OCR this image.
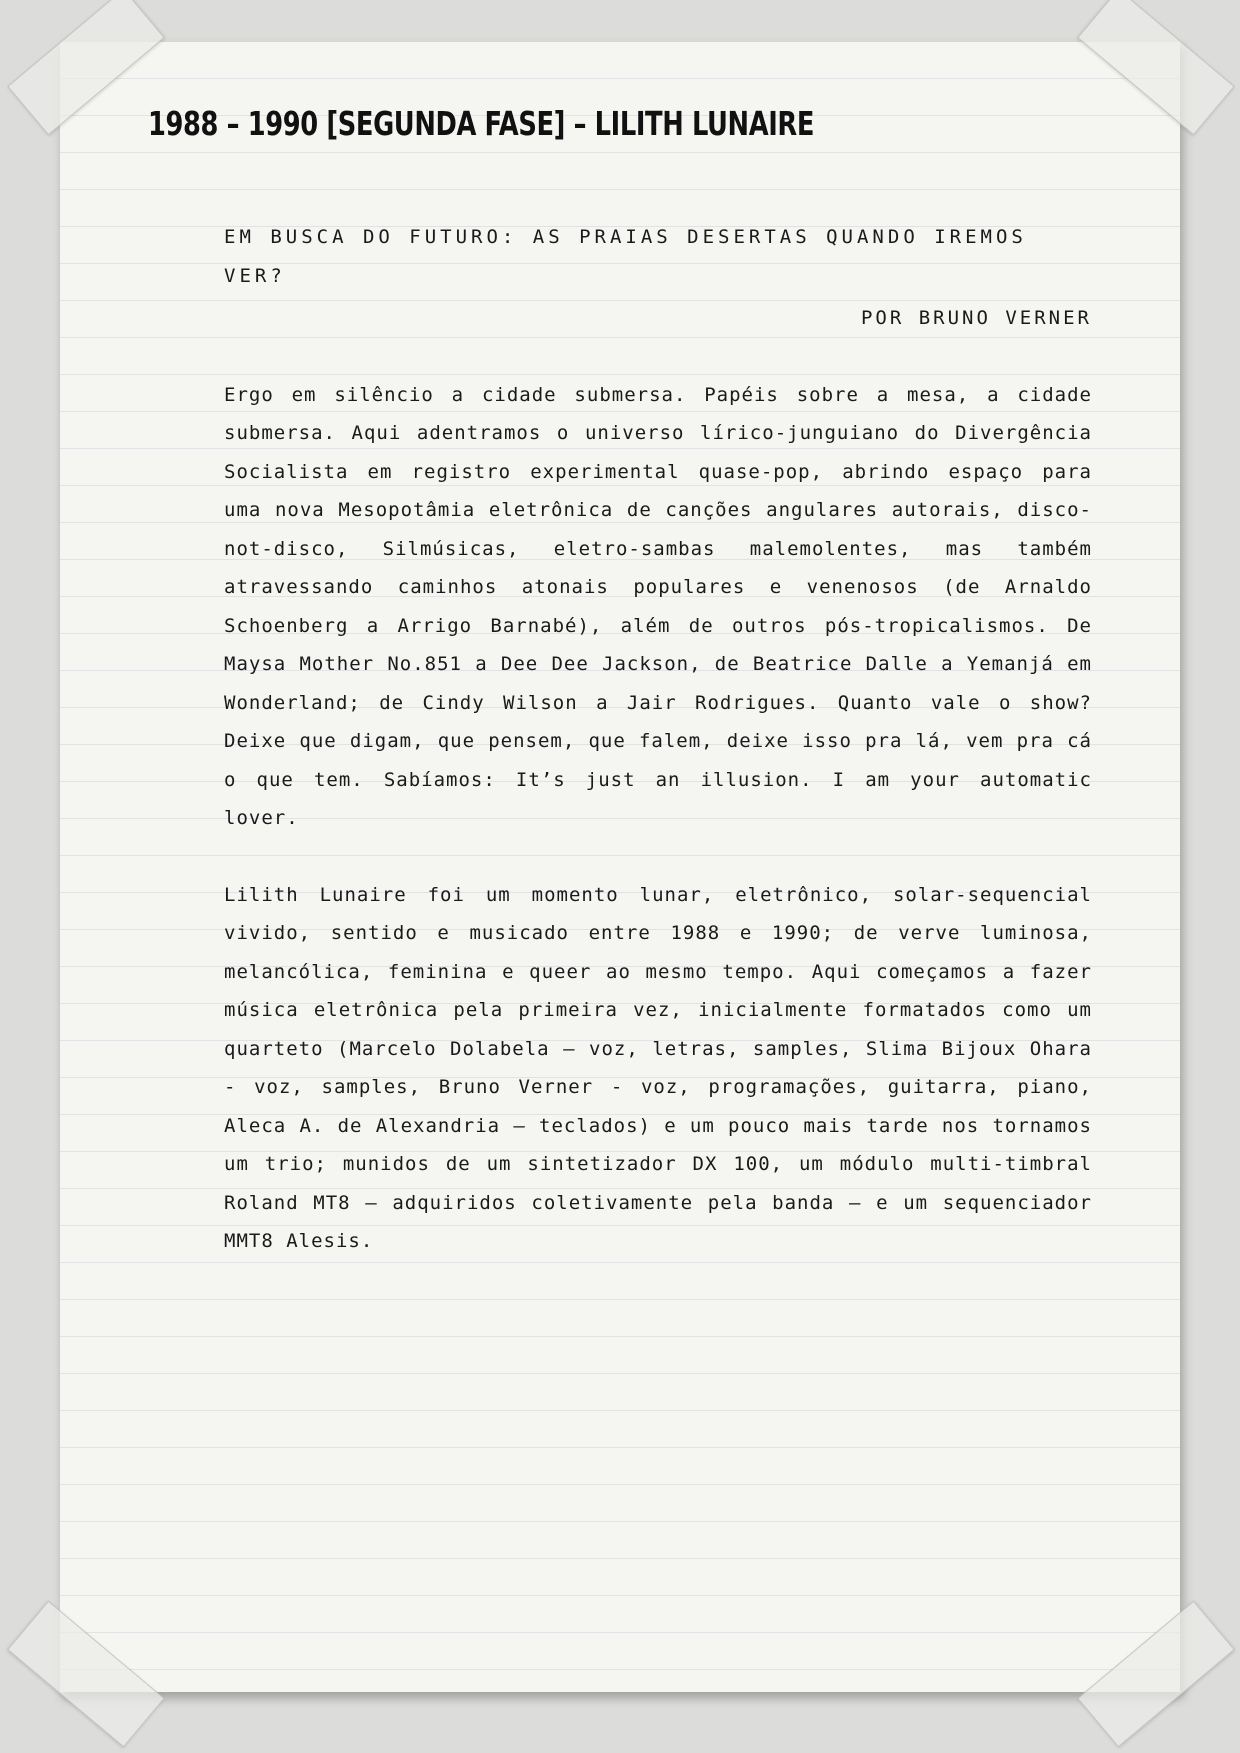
1988 – 1990 [SEGUNDA FASE] – LILITH LUNAIRE

EM BUSCA DO FUTURO: AS PRAIAS DESERTAS QUANDO IREMOS VER?

POR BRUNO VERNER

Ergo em silêncio a cidade submersa. Papéis sobre a mesa, a cidade submersa. Aqui adentramos o universo lírico-junguiano do Divergência Socialista em registro experimental quase-pop, abrindo espaço para uma nova Mesopotâmia eletrônica de canções angulares autorais, disco-not-disco, Silmúsicas, eletro-sambas malemolentes, mas também atravessando caminhos atonais populares e venenosos (de Arnaldo Schoenberg a Arrigo Barnabé), além de outros pós-tropicalismos. De Maysa Mother No.851 a Dee Dee Jackson, de Beatrice Dalle a Yemanjá em Wonderland; de Cindy Wilson a Jair Rodrigues. Quanto vale o show? Deixe que digam, que pensem, que falem, deixe isso pra lá, vem pra cá o que tem. Sabíamos: It’s just an illusion. I am your automatic lover.

Lilith Lunaire foi um momento lunar, eletrônico, solar-sequencial vivido, sentido e musicado entre 1988 e 1990; de verve luminosa, melancólica, feminina e queer ao mesmo tempo. Aqui começamos a fazer música eletrônica pela primeira vez, inicialmente formatados como um quarteto (Marcelo Dolabela – voz, letras, samples, Slima Bijoux Ohara - voz, samples, Bruno Verner - voz, programações, guitarra, piano, Aleca A. de Alexandria – teclados) e um pouco mais tarde nos tornamos um trio; munidos de um sintetizador DX 100, um módulo multi-timbral Roland MT8 – adquiridos coletivamente pela banda – e um sequenciador MMT8 Alesis.
